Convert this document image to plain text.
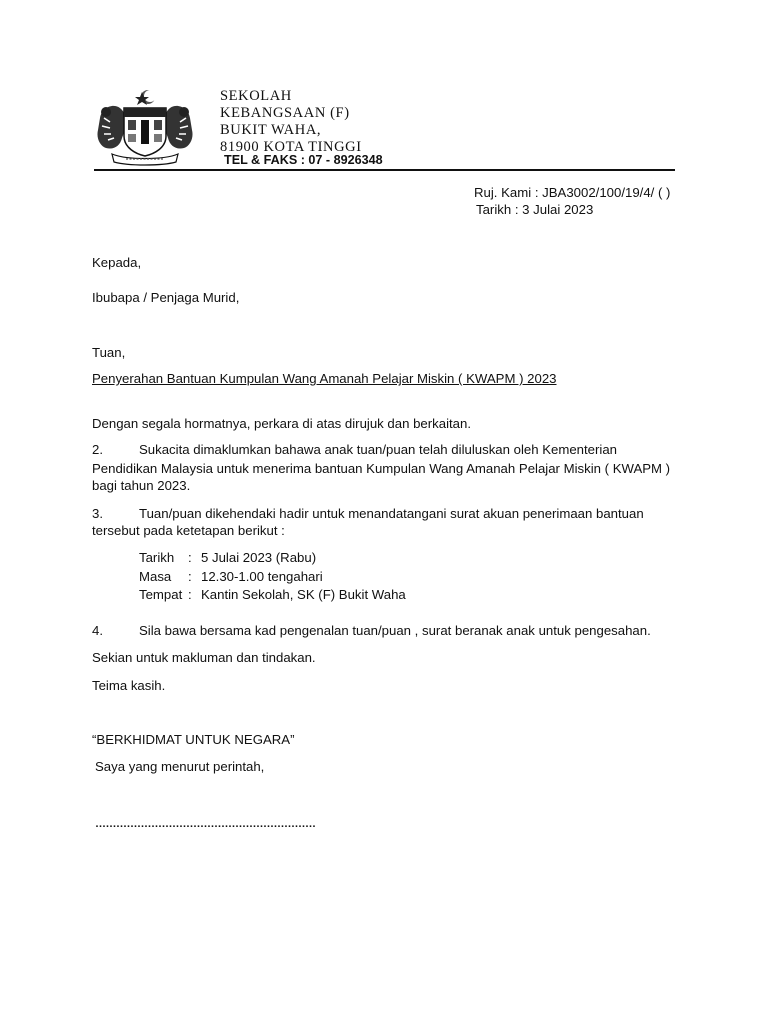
SEKOLAH
KEBANGSAAN (F)
BUKIT WAHA,
81900 KOTA TINGGI
TEL & FAKS : 07 - 8926348
Ruj. Kami : JBA3002/100/19/4/ ( )
Tarikh : 3 Julai 2023
Kepada,
Ibubapa / Penjaga Murid,
Tuan,
Penyerahan Bantuan Kumpulan Wang Amanah Pelajar Miskin ( KWAPM ) 2023
Dengan segala hormatnya, perkara di atas dirujuk dan berkaitan.
2.	Sukacita dimaklumkan bahawa anak tuan/puan telah diluluskan oleh Kementerian
Pendidikan Malaysia untuk menerima bantuan Kumpulan Wang Amanah Pelajar Miskin ( KWAPM )
bagi tahun 2023.
3.	Tuan/puan dikehendaki hadir untuk menandatangani surat akuan penerimaan bantuan
tersebut pada ketetapan berikut :
Tarikh : 5 Julai 2023 (Rabu)
Masa : 12.30-1.00 tengahari
Tempat : Kantin Sekolah, SK (F) Bukit Waha
4.	Sila bawa bersama kad pengenalan tuan/puan , surat beranak anak untuk pengesahan.
Sekian untuk makluman dan tindakan.
Teima kasih.
“BERKHIDMAT UNTUK NEGARA”
Saya yang menurut perintah,
………………………………………………………
